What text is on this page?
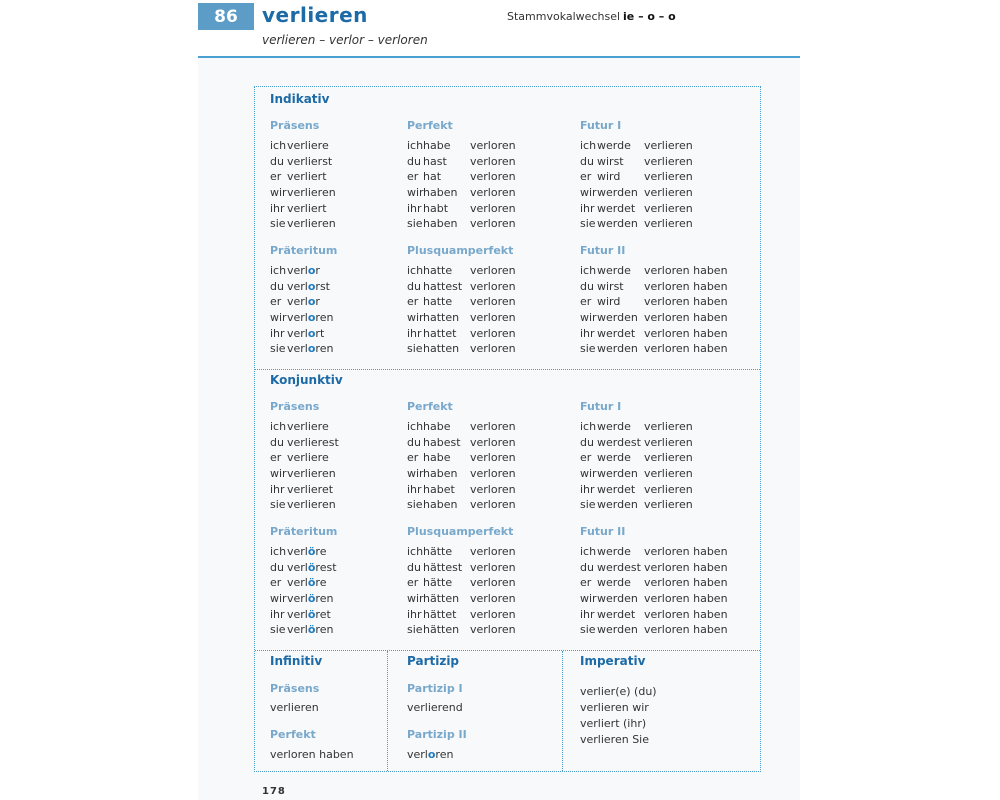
86	verlieren
verlieren – verlor – verloren
Stammvokalwechsel ie – o – o
Indikativ
Präsens
ich verliere
du verlierst
er verliert
wir verlieren
ihr verliert
sie verlieren
Perfekt
ich habe	verloren
du hast	verloren
er hat	verloren
wir haben	verloren
ihr habt	verloren
sie haben	verloren
Futur I
ich werde	verlieren
du wirst	verlieren
er wird	verlieren
wir werden verlieren
ihr werdet verlieren
sie werden verlieren
Präteritum
ich verl o r
du verl o rst
er verl o r
wir verl o ren
ihr verl o rt
sie verl o ren
Plusquamperfekt
ich hatte	verloren
du hattest verloren
er hatte	verloren
wir hatten verloren
ihr hattet	verloren
sie hatten verloren
Futur II
ich werde	verloren haben
du wirst	verloren haben
er wird	verloren haben
wir werden verloren haben
ihr werdet verloren haben
sie werden verloren haben
Konjunktiv
Präsens
ich verliere
du verlierest
er verliere
wir verlieren
ihr verlieret
sie verlieren
Perfekt
ich habe	verloren
du habest verloren
er habe	verloren
wir haben	verloren
ihr habet	verloren
sie haben	verloren
Futur I
ich werde	verlieren
du werdest verlieren
er werde	verlieren
wir werden verlieren
ihr werdet verlieren
sie werden verlieren
Präteritum
ich verl ö re
du verl ö rest
er verl ö re
wir verl ö ren
ihr verl ö ret
sie verl ö ren
Plusquamperfekt
ich hätte	verloren
du hättest verloren
er hätte	verloren
wir hätten verloren
ihr hättet	verloren
sie hätten verloren
Futur II
ich werde	verloren haben
du werdest verloren haben
er werde	verloren haben
wir werden verloren haben
ihr werdet verloren haben
sie werden verloren haben
Infinitiv
Präsens
verlieren
Perfekt
verloren haben
Partizip
Partizip I
verlierend
Partizip II
verloren
Imperativ
verlier(e) (du)
verlieren wir
verliert (ihr)
verlieren Sie
178
